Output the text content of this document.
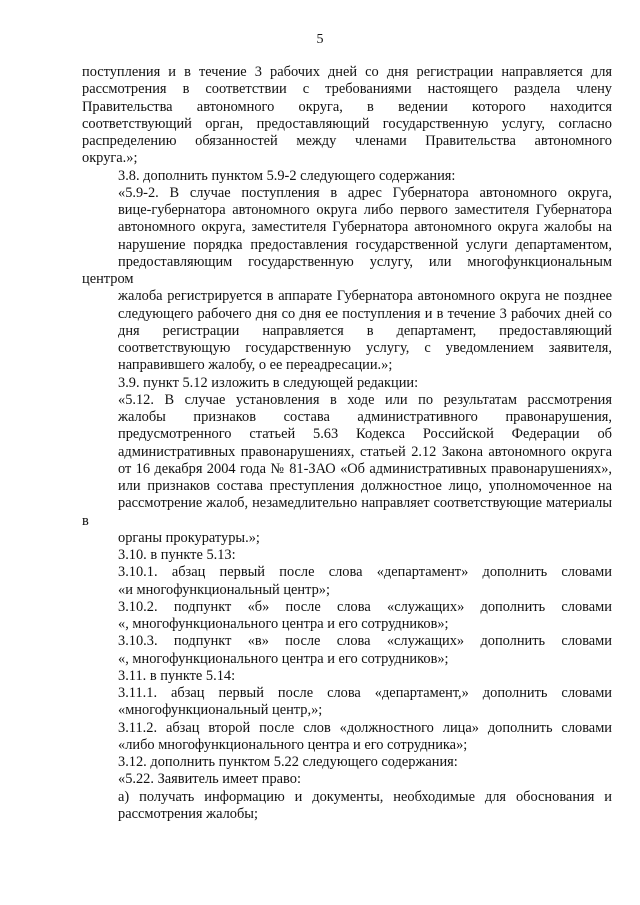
5
поступления и в течение 3 рабочих дней со дня регистрации направляется для
рассмотрения в соответствии с требованиями настоящего раздела члену
Правительства автономного округа, в ведении которого находится
соответствующий орган, предоставляющий государственную услугу, согласно
распределению обязанностей между членами Правительства автономного
округа.»;
3.8. дополнить пунктом 5.9-2 следующего содержания:
«5.9-2. В случае поступления в адрес Губернатора автономного округа,
вице-губернатора автономного округа либо первого заместителя Губернатора
автономного округа, заместителя Губернатора автономного округа жалобы на
нарушение порядка предоставления государственной услуги департаментом,
предоставляющим государственную услугу, или многофункциональным центром
жалоба регистрируется в аппарате Губернатора автономного округа не позднее
следующего рабочего дня со дня ее поступления и в течение 3 рабочих дней со
дня регистрации направляется в департамент, предоставляющий
соответствующую государственную услугу, с уведомлением заявителя,
направившего жалобу, о ее переадресации.»;
3.9. пункт 5.12 изложить в следующей редакции:
«5.12. В случае установления в ходе или по результатам рассмотрения
жалобы признаков состава административного правонарушения,
предусмотренного статьей 5.63 Кодекса Российской Федерации об
административных правонарушениях, статьей 2.12 Закона автономного округа
от 16 декабря 2004 года № 81-ЗАО «Об административных правонарушениях»,
или признаков состава преступления должностное лицо, уполномоченное на
рассмотрение жалоб, незамедлительно направляет соответствующие материалы в
органы прокуратуры.»;
3.10. в пункте 5.13:
3.10.1. абзац первый после слова «департамент» дополнить словами
«и многофункциональный центр»;
3.10.2. подпункт «б» после слова «служащих» дополнить словами
«, многофункционального центра и его сотрудников»;
3.10.3. подпункт «в» после слова «служащих» дополнить словами
«, многофункционального центра и его сотрудников»;
3.11. в пункте 5.14:
3.11.1. абзац первый после слова «департамент,» дополнить словами
«многофункциональный центр,»;
3.11.2. абзац второй после слов «должностного лица» дополнить словами
«либо многофункционального центра и его сотрудника»;
3.12. дополнить пунктом 5.22 следующего содержания:
«5.22. Заявитель имеет право:
а) получать информацию и документы, необходимые для обоснования и
рассмотрения жалобы;
